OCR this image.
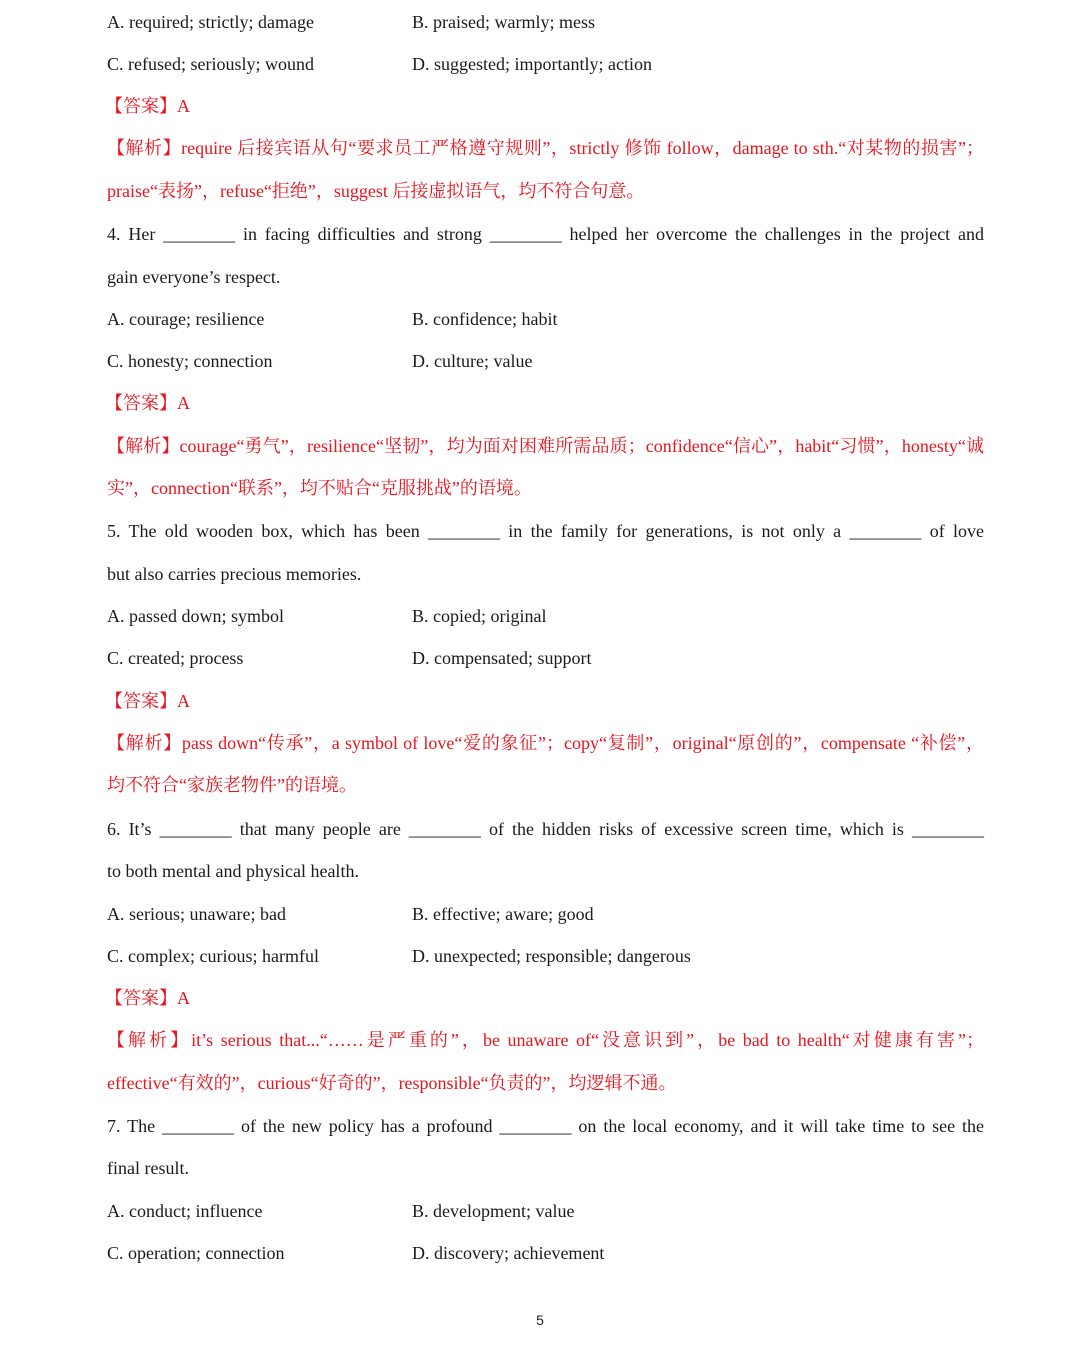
A. required; strictly; damage	B. praised; warmly; mess
C. refused; seriously; wound	D. suggested; importantly; action
【答案】A
【解析】require 后接宾语从句“要求员工严格遵守规则”，strictly 修饰 follow，damage to sth.“对某物的损害”；
praise“表扬”，refuse“拒绝”，suggest 后接虚拟语气，均不符合句意。
4. Her ________ in facing difficulties and strong ________ helped her overcome the challenges in the project and
gain everyone’s respect.
A. courage; resilience	B. confidence; habit
C. honesty; connection	D. culture; value
【答案】A
【解析】courage“勇气”，resilience“坚韧”，均为面对困难所需品质；confidence“信心”，habit“习惯”，honesty“诚
实”，connection“联系”，均不贴合“克服挑战”的语境。
5. The old wooden box, which has been ________ in the family for generations, is not only a ________ of love
but also carries precious memories.
A. passed down; symbol	B. copied; original
C. created; process	D. compensated; support
【答案】A
【解析】pass down“传承”，a symbol of love“爱的象征”；copy“复制”，original“原创的”，compensate “补偿”，
均不符合“家族老物件”的语境。
6. It’s ________ that many people are ________ of the hidden risks of excessive screen time, which is ________
to both mental and physical health.
A. serious; unaware; bad	B. effective; aware; good
C. complex; curious; harmful	D. unexpected; responsible; dangerous
【答案】A
【解析】it’s serious that...“……是严重的”，be unaware of“没意识到”，be bad to health“对健康有害”；
effective“有效的”，curious“好奇的”，responsible“负责的”，均逻辑不通。
7. The ________ of the new policy has a profound ________ on the local economy, and it will take time to see the
final result.
A. conduct; influence	B. development; value
C. operation; connection	D. discovery; achievement
5
